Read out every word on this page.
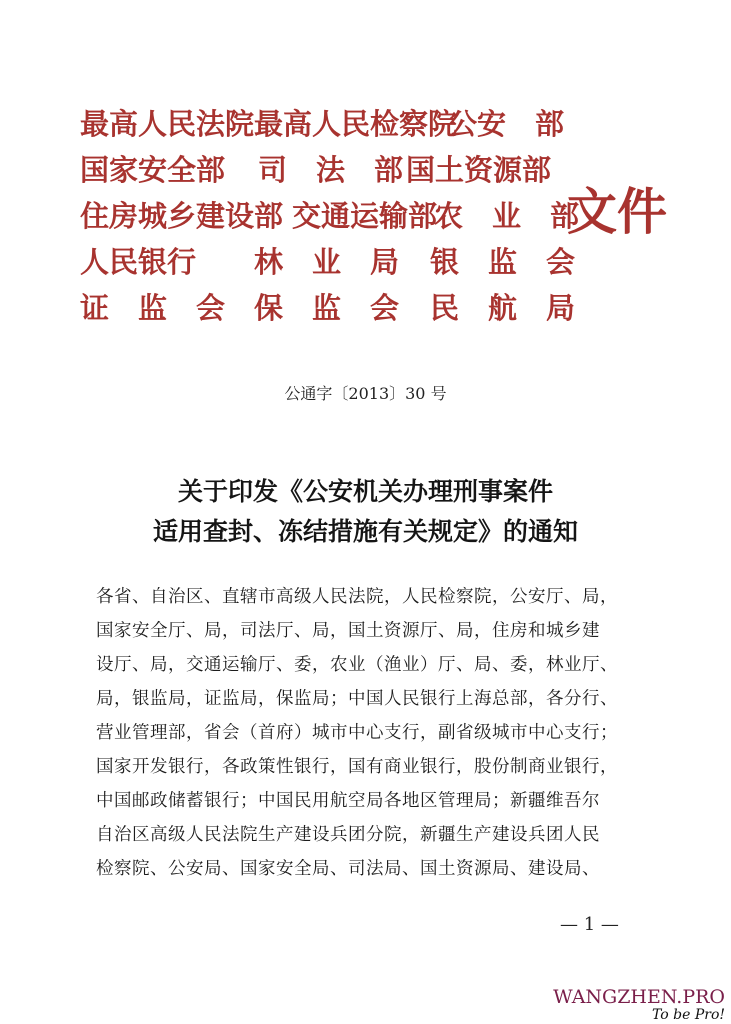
最高人民法院 最高人民检察院
公安　部
国家安全部 司　法　部 国土资源部
住房城乡建设部 交通运输部
农　业　部
人民银行 林　业　局 银　监　会
证　监　会 保　监　会 民　航　局
文件
公通字〔2013〕30 号
关于印发《公安机关办理刑事案件
适用查封、冻结措施有关规定》的通知
各省、自治区、直辖市高级人民法院，人民检察院，公安厅、局，
国家安全厅、局，司法厅、局，国土资源厅、局，住房和城乡建
设厅、局，交通运输厅、委，农业（渔业）厅、局、委，林业厅、
局，银监局，证监局，保监局；中国人民银行上海总部，各分行、
营业管理部，省会（首府）城市中心支行，副省级城市中心支行；
国家开发银行，各政策性银行，国有商业银行，股份制商业银行，
中国邮政储蓄银行；中国民用航空局各地区管理局；新疆维吾尔
自治区高级人民法院生产建设兵团分院，新疆生产建设兵团人民
检察院、公安局、国家安全局、司法局、国土资源局、建设局、
— 1 —
WANGZHEN.PRO
To be Pro!
